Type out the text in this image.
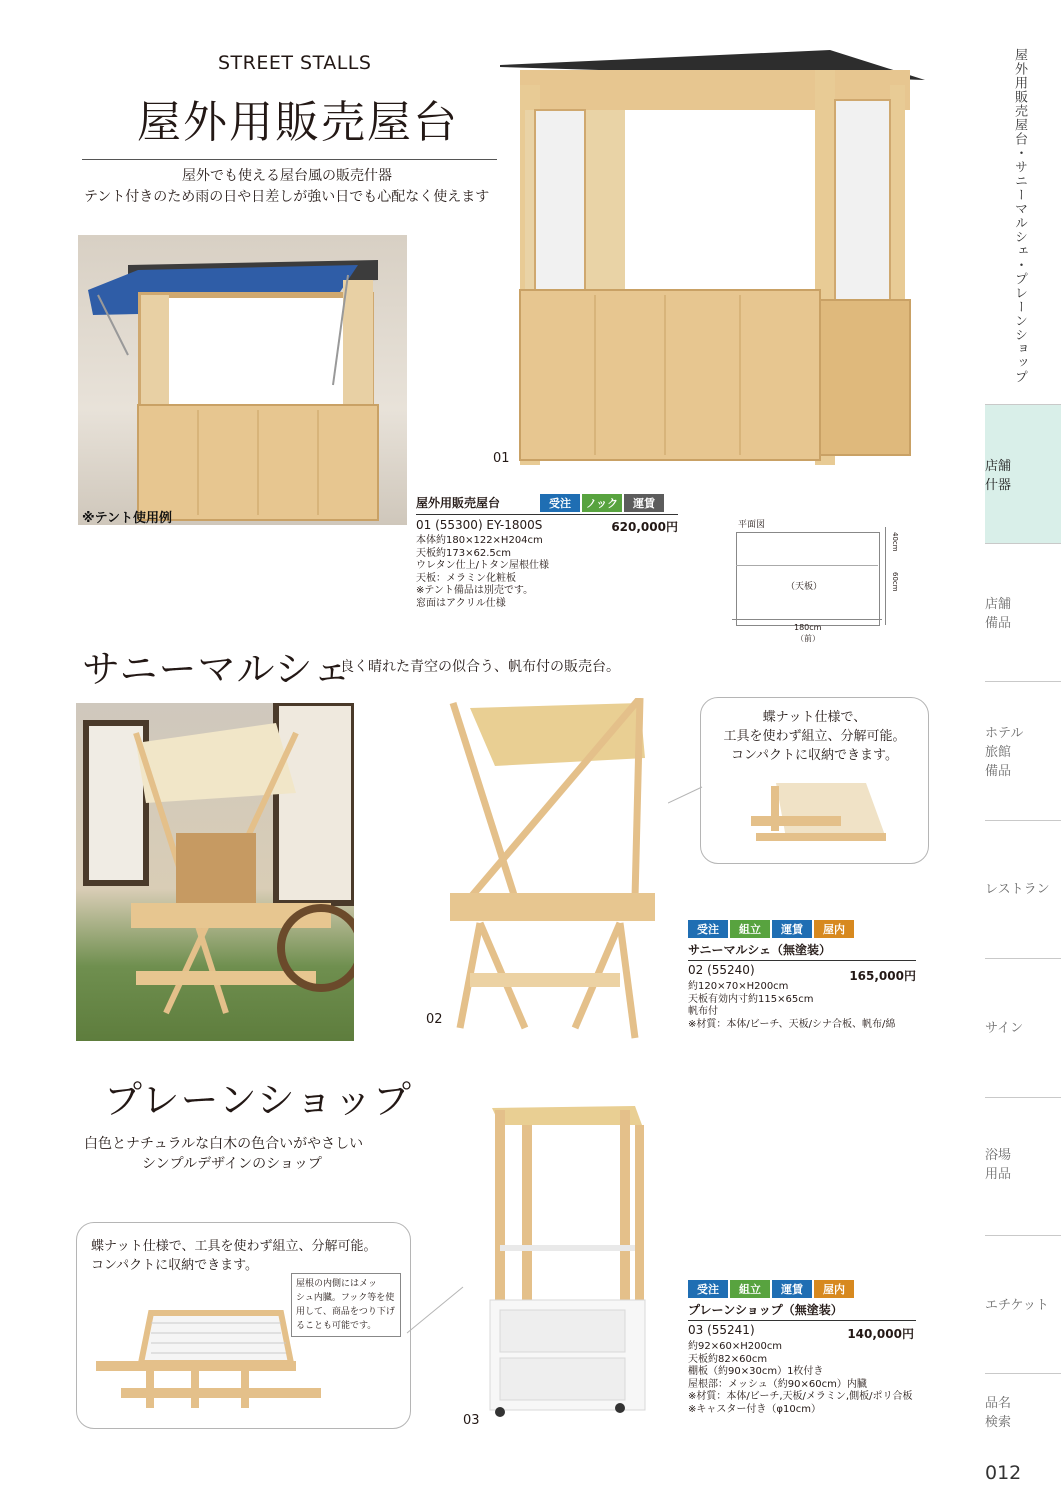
STREET STALLS
屋外用販売屋台
屋外でも使える屋台風の販売什器
テント付きのため雨の日や日差しが強い日でも心配なく使えます
※テント使用例
01
屋外用販売屋台	受注 ノック 運賃
01 (55300) EY-1800S	620,000円
本体約180×122×H204cm
天板約173×62.5cm
ウレタン仕上/トタン屋根仕様
天板：メラミン化粧板
※テント備品は別売です。
窓面はアクリル仕様
平面図
（天板）
40cm
60cm
180cm
（前）
サニーマルシェ
良く晴れた青空の似合う、帆布付の販売台。
02
蝶ナット仕様で、
工具を使わず組立、分解可能。
コンパクトに収納できます。
受注 組立 運賃 屋内
サニーマルシェ（無塗装）
02 (55240)	165,000円
約120×70×H200cm
天板有効内寸約115×65cm
帆布付
※材質：本体/ビーチ、天板/シナ合板、帆布/綿
プレーンショップ
白色とナチュラルな白木の色合いがやさしい
シンプルデザインのショップ
蝶ナット仕様で、工具を使わず組立、分解可能。
コンパクトに収納できます。
屋根の内側にはメッ
シュ内臓。フック等を使
用して、商品をつり下げ
ることも可能です。
03
受注 組立 運賃 屋内
プレーンショップ（無塗装）
03 (55241)	140,000円
約92×60×H200cm
天板約82×60cm
棚板（約90×30cm）1枚付き
屋根部：メッシュ（約90×60cm）内臓
※材質：本体/ビーチ,天板/メラミン,側板/ポリ合板
※キャスター付き（φ10cm）
屋外用販売屋台・サニーマルシェ・プレーンショップ
店舗
什器
店舗
備品
ホテル
旅館
備品
レストラン
サイン
浴場
用品
エチケット
品名
検索
012
